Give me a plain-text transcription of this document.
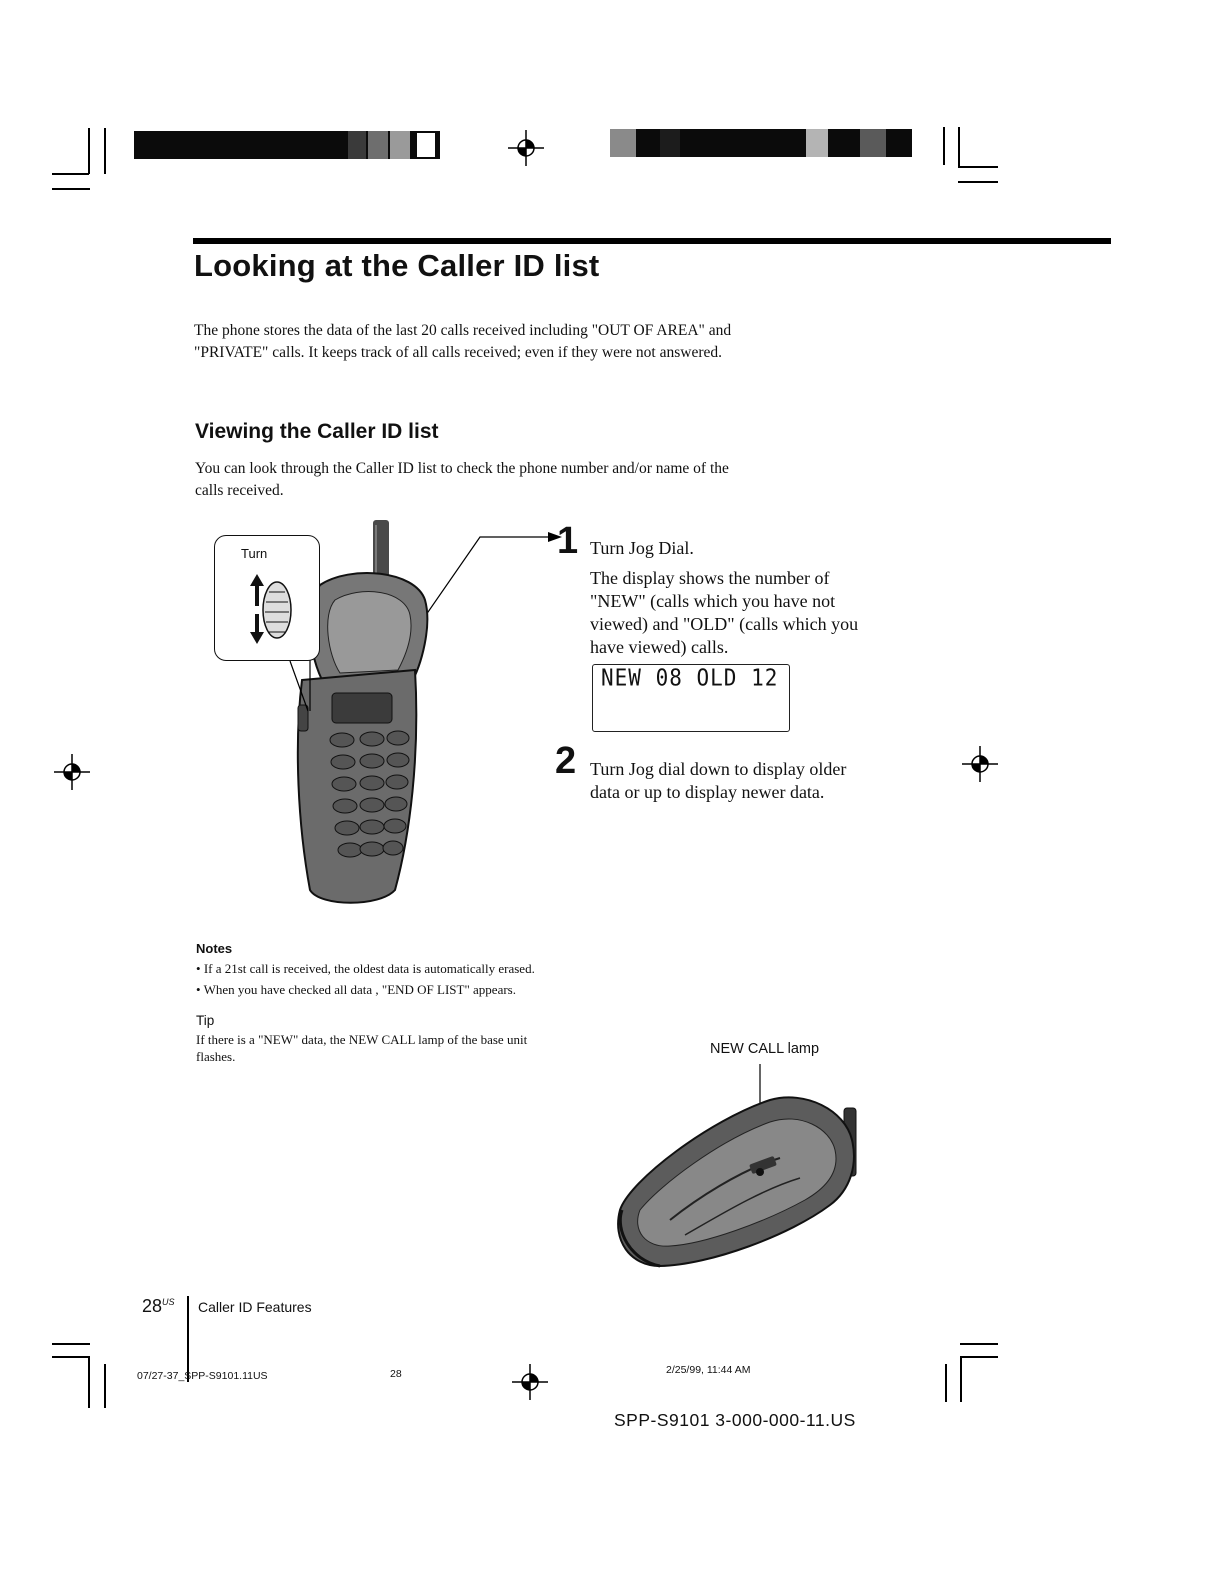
Looking at the Caller ID list
The phone stores the data of the last 20 calls received including "OUT OF AREA" and "PRIVATE" calls. It keeps track of all calls received; even if they were not answered.
Viewing the Caller ID list
You can look through the Caller ID list to check the phone number and/or name of the calls received.
Turn	1 Turn Jog Dial.
The display shows the number of "NEW" (calls which you have not viewed) and "OLD" (calls which you have viewed) calls.
NEW 08 OLD 12
2 Turn Jog dial down to display older data or up to display newer data.
Notes
• If a 21st call is received, the oldest data is automatically erased.
• When you have checked all data , "END OF LIST" appears.
Tip
If there is a "NEW" data, the NEW CALL lamp of the base unit flashes.	NEW CALL lamp
$28^{US}$ Caller ID Features
07/27-37_SPP-S9101.11US	28	2/25/99, 11:44 AM
SPP-S9101 3-000-000-11.US
